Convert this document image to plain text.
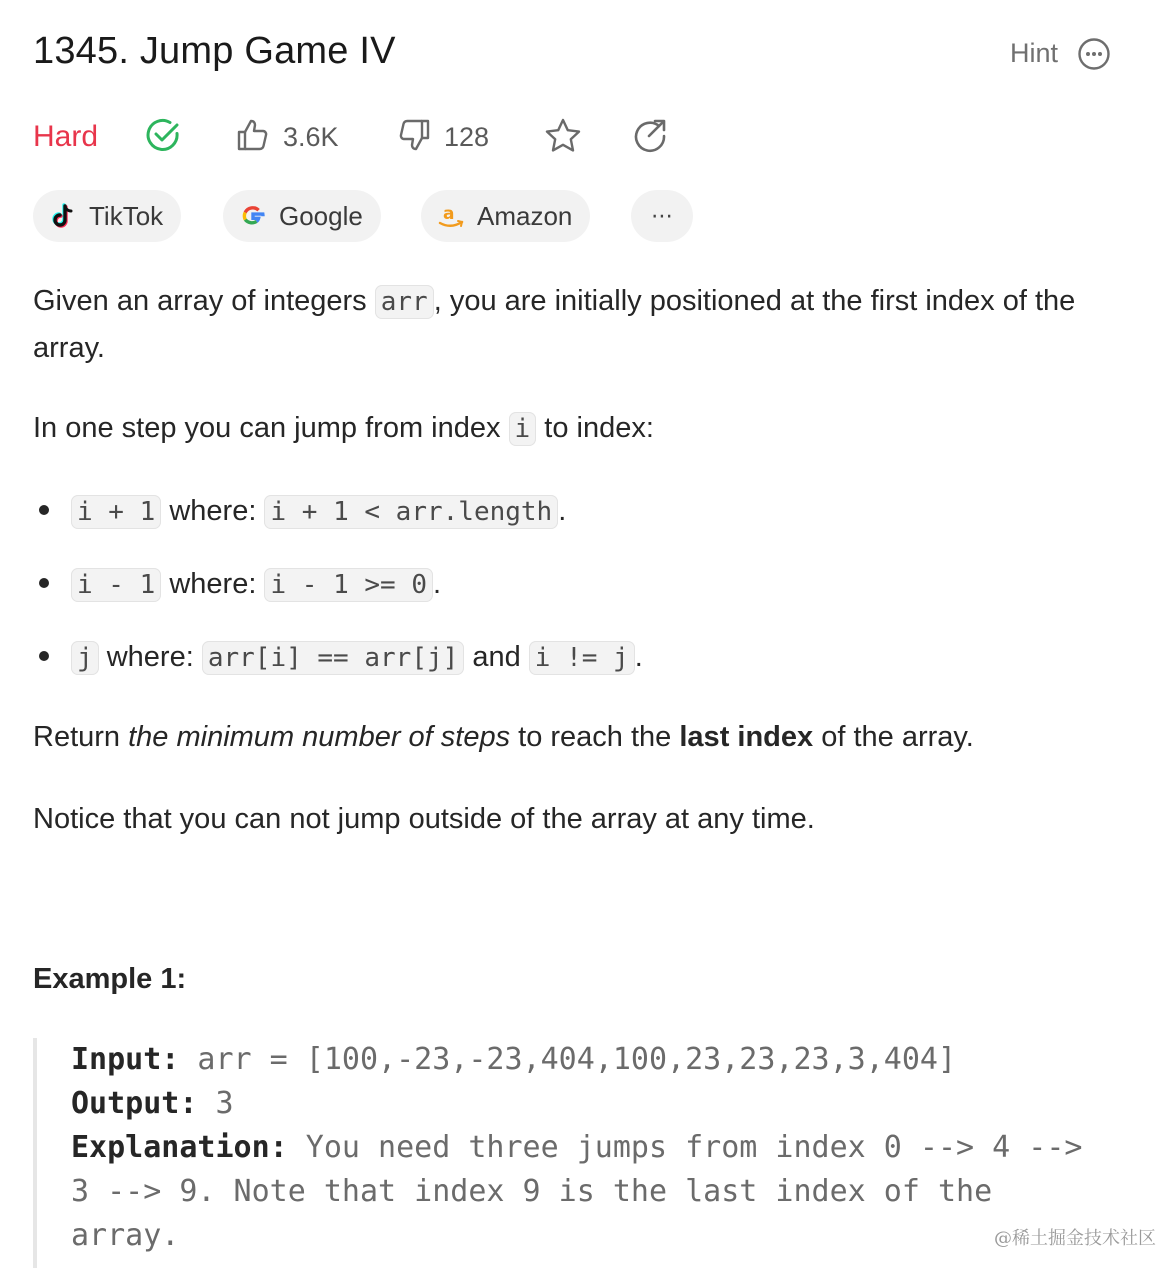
1345. Jump Game IV	Hint
Hard	3.6K	128
TikTok	Google	a Amazon	⋯

Given an array of integers arr , you are initially positioned at the first index of the array.

In one step you can jump from index i to index:

i + 1 where: i + 1 < arr.length .
i - 1 where: i - 1 >= 0 .
j where: arr[i] == arr[j] and i != j .

Return the minimum number of steps to reach the last index of the array.

Notice that you can not jump outside of the array at any time.

Example 1:
Input: arr = [100,-23,-23,404,100,23,23,23,3,404]
Output: 3
Explanation: You need three jumps from index 0 --> 4 -->
3 --> 9. Note that index 9 is the last index of the
array.	@稀土掘金技术社区
